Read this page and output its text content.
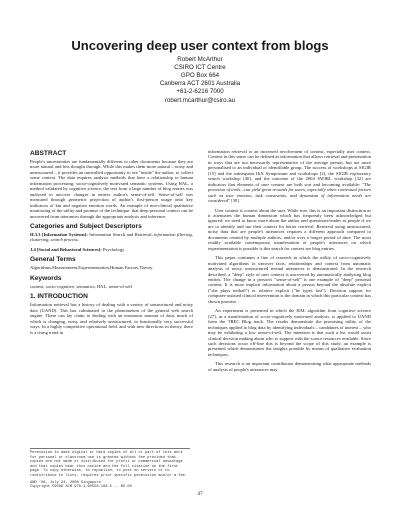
Uncovering deep user context from blogs
Robert McArthur
CSIRO ICT Centre
GPO Box 664
Canberra ACT 2601 Australia
+61-2-6216 7000
robert.mcarthur@csiro.au
ABSTRACT

People's uncertainties are fundamentally different to other documents because they are more natural and less thought through. While this makes them more natural – noisy and unstructured – it provides an unrivalled opportunity to see "inside" the author, to collect some context. The data requires analysis methods that have a relationship to human information processing: socio-cognitively motivated semantic systems. Using HAL, a method validated by cognitive science, the text from a large number of blog entries was analysed to uncover changes in entries author's sense-of-self. Sense-of-self was measured through geometric projection of author's first-person usage onto key indicators of kin and negative emotion words. An example of non-clinical qualitative monitoring of the utility and promise of the technique: that deep personal context can be uncovered from utterances through the appropriate analysis and inference.

Categories and Subject Descriptors

H.3.3 [Information Systems]: Information Search and Retrieval–information filtering, clustering, search process.

J.4 [Social and Behavioral Sciences]: Psychology

General Terms

Algorithms,Measurement,Experimentation,Human Factors,Theory

Keywords

context, socio-cognitive, semantics, HAL, sense-of-self

1. INTRODUCTION

Information retrieval has a history of dealing with a variety of unstructured and noisy data (UAND). This has culminated in the phenomenon of the general web search engine. These can lay claim to dealing with an enormous amount of data, much of which is changing, noisy and relatively unstructured, in functionally very successful ways. In a highly competitive operational field, and with new directions in theory, there is a rising trend in

Permission to make digital or hard copies of all or part of this work for personal or classroom use is granted without fee provided that copies are not made or distributed for profit or commercial advantage and that copies bear this notice and the full citation on the first page. To copy otherwise, to republish, to post on servers or to redistribute to lists, requires prior specific permission and/or a fee.
AND '08, July 24, 2008 Singapore
Copyright ©2008 ACM 978-1-60558-196-5... $5.00

information retrieval to an increased involvement of context, especially user context. Context in this sense can be defined as information that allows retrieval and presentation in ways that are not necessarily representative of the average person, but are more personalised to an individual or identifiable group. The success of workshops at SIGIR [15] and the subsequent IIiX Symposium and workshops [2], the SIGIR exploratory search workshop [40], and the outcome of the 2004 SWIRL workshop [32] are indicators that elements of user context are both sort and becoming available: "The provision of tools...can yield great rewards for users, especially when contextual factors such as user emotion, task constraints, and dynamism of information needs are considered" [39].

User context is context about the user. While true, this is an important distinction as it attenuates the human dimension which has frequently been acknowledged but ignored: we need to know more about the author and questioner/reader as people if we are to identify and use their context for better retrieval. Retrieval using unstructured, noisy data that are people's utterances requires a different approach compared to documents created by multiple authors, and/or over a longer period of time. The most readily available contemporary manifestation of people's utterances on which experimentation is possible is this search for context are blog entries.

This paper continues a line of research in which the utility of socio-cognitively motivated algorithms to uncover facts, relationships and context from automatic analysis of noisy, unstructured textual utterances is demonstrated. In the research described, a "deep" style of user context is uncovered by automatically analyzing blog entries. The change in a person's "sense-of-self" is one example of "deep" personal context. It is more implicit information about a person beyond the absolute explicit ("she plays netball") or relative explicit ("he types fast"). Decision support for computer-assisted clinical intervention is the domain in which this particular context has shown promise.

An experiment is presented in which the HAL algorithm from cognitive science [27], as a manifestation of socio-cognitively motivated analysis, is applied to UAND from the TREC Blog track. The results demonstrate the promising utility of the techniques applied to blog data by identifying individuals – candidates of interest – who may be exhibiting a low sense-of-self. The intention is that such a list would assist clinical decision making about who to support with the scarce resources available. Since such decisions occur off-line this is beyond the scope of this study, an example is presented which demonstrates the insights possible by means of qualitative evaluation techniques.

This research is an important contribution demonstrating what appropriate methods of analysis of people's utterances may

47
